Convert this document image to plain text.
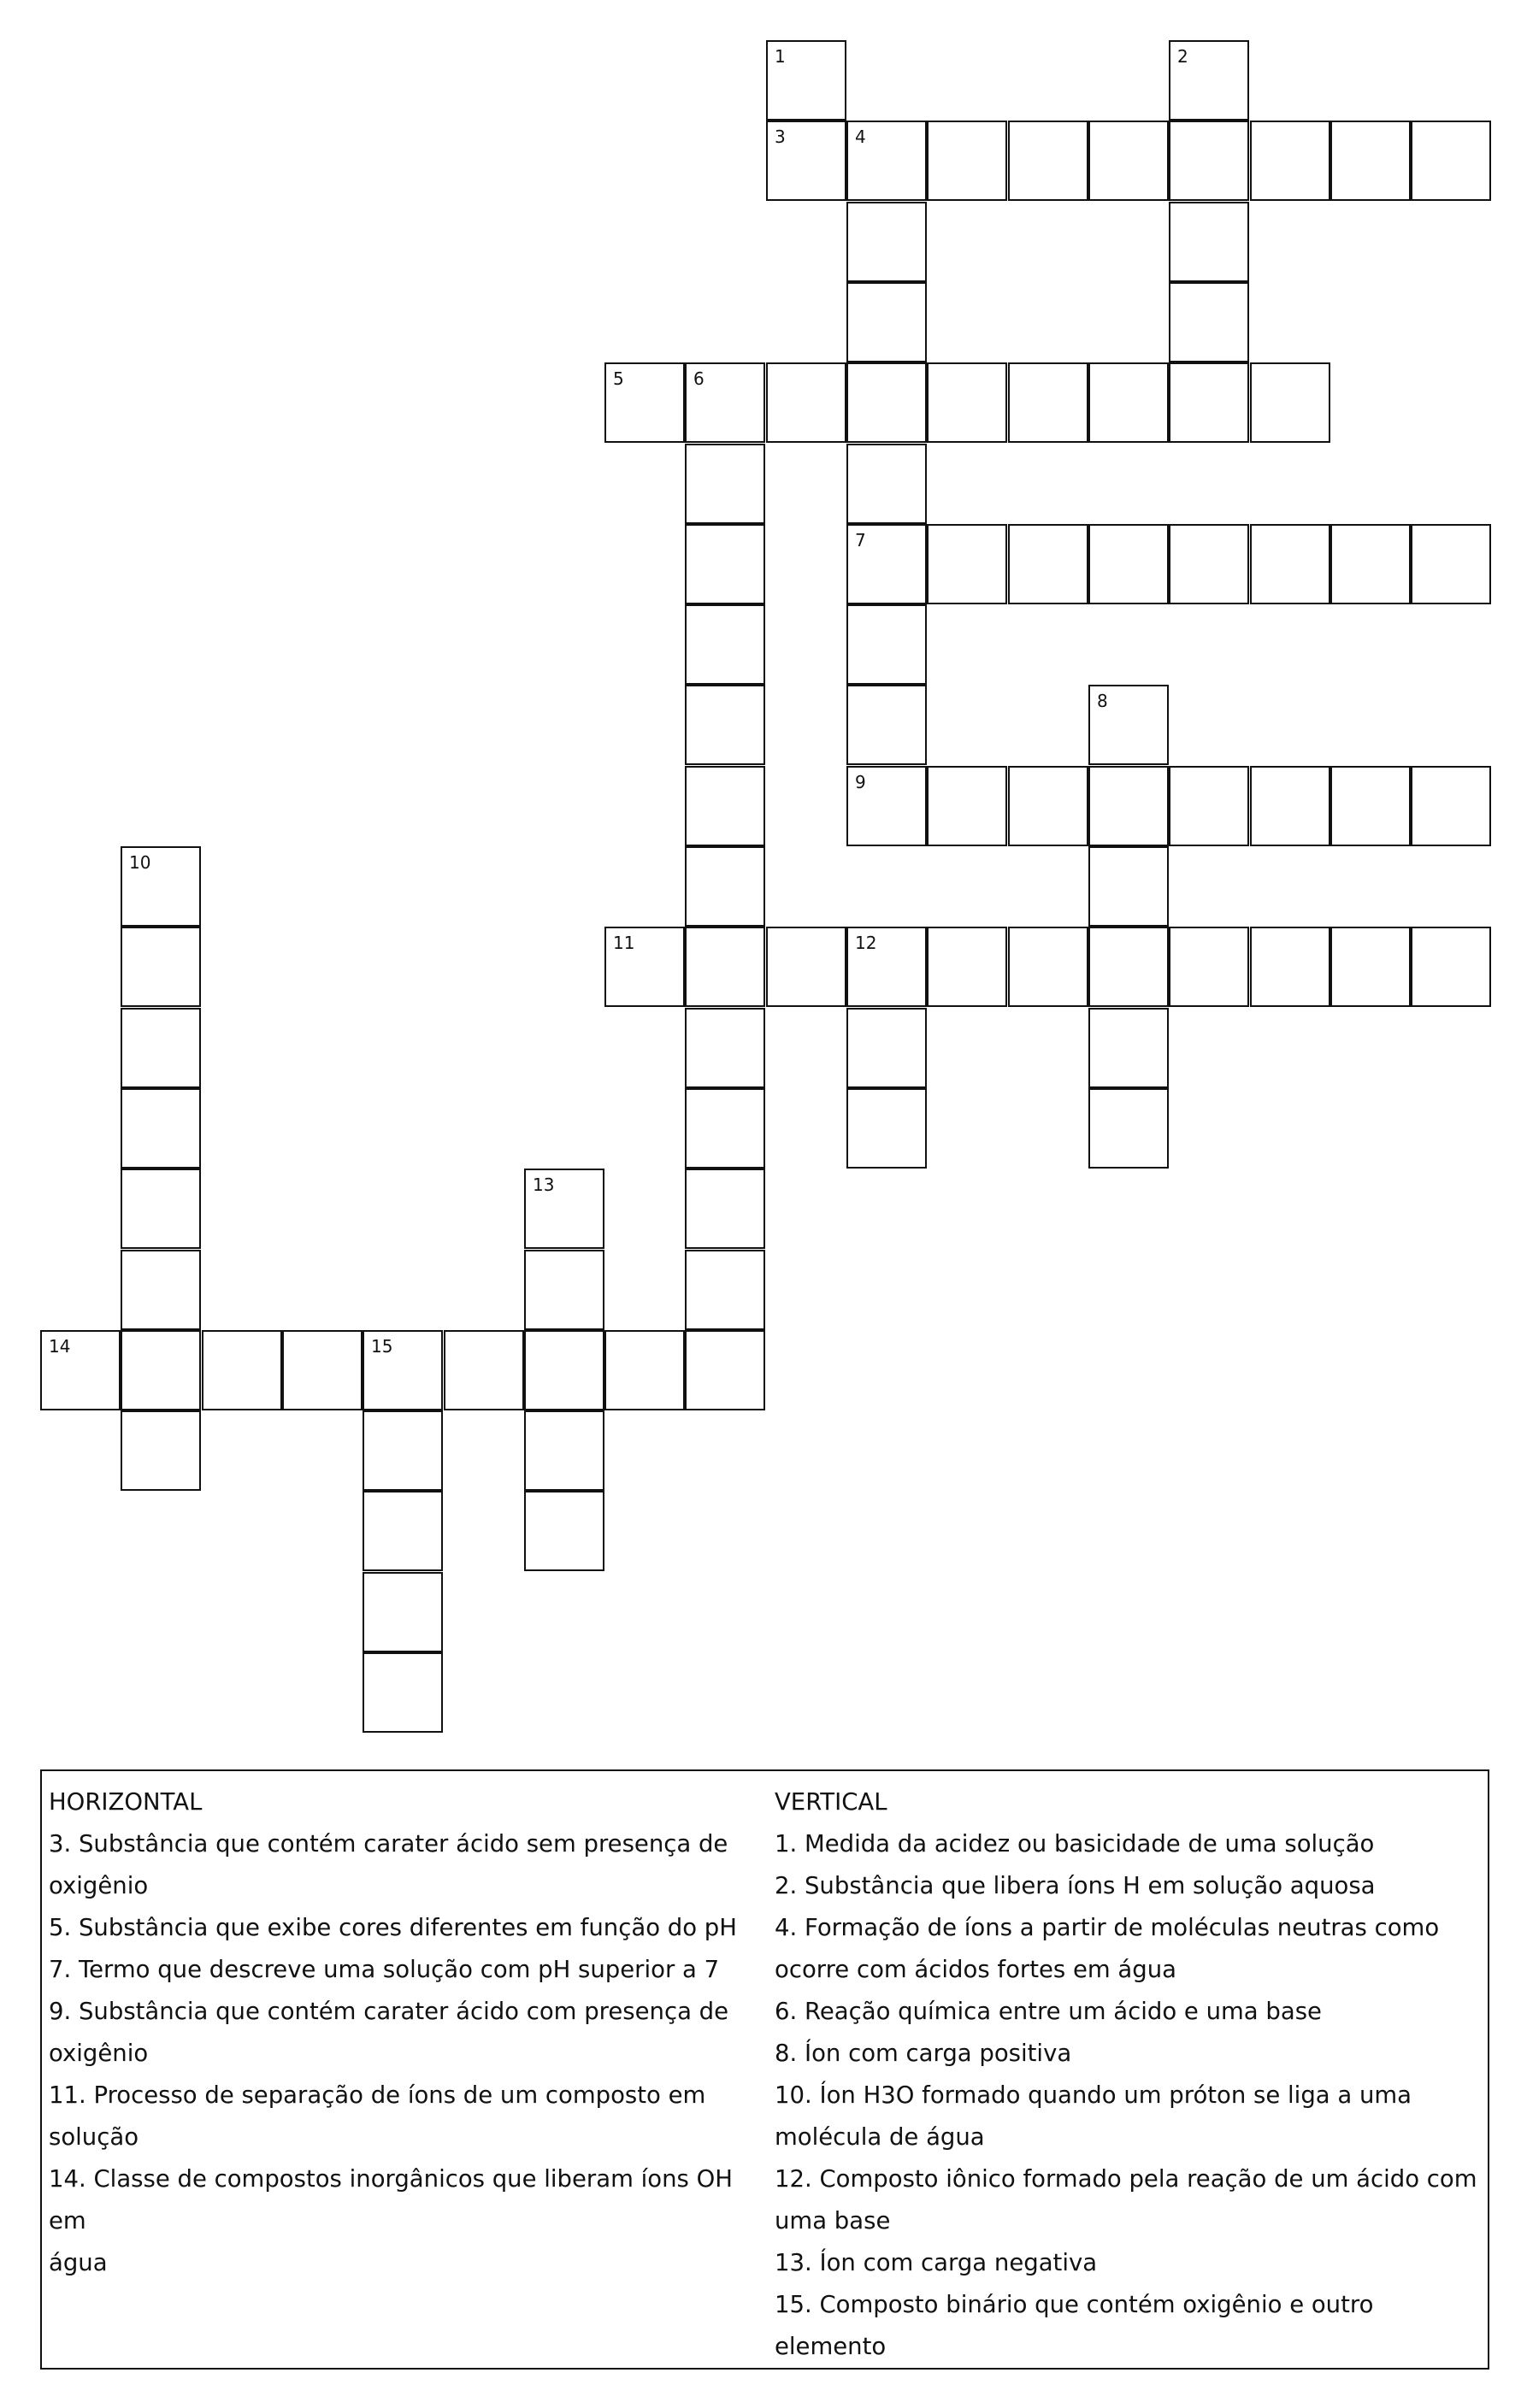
1
3
2
4
7
5	6
8
9
10
11	12
13
14	15

HORIZONTAL

3. Substância que contém carater ácido sem presença de

oxigênio

5. Substância que exibe cores diferentes em função do pH

7. Termo que descreve uma solução com pH superior a 7

9. Substância que contém carater ácido com presença de

oxigênio

11. Processo de separação de íons de um composto em

solução

14. Classe de compostos inorgânicos que liberam íons OH em

água

VERTICAL

1. Medida da acidez ou basicidade de uma solução

2. Substância que libera íons H em solução aquosa

4. Formação de íons a partir de moléculas neutras como

ocorre com ácidos fortes em água

6. Reação química entre um ácido e uma base

8. Íon com carga positiva

10. Íon H3O formado quando um próton se liga a uma

molécula de água

12. Composto iônico formado pela reação de um ácido com

uma base

13. Íon com carga negativa

15. Composto binário que contém oxigênio e outro elemento
